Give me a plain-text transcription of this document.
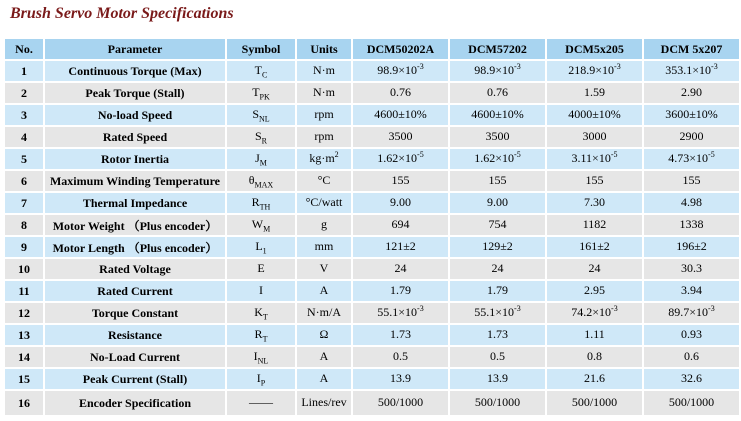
Brush Servo Motor Specifications
No.	Parameter	Symbol	Units	DCM50202A	DCM57202	DCM5x205	DCM 5x207
1	Continuous Torque (Max)	$T_C$	N·m	$98.9\times 10^{-3}$	$98.9\times 10^{-3}$	$218.9\times 10^{-3}$	$353.1\times 10^{-3}$
2	Peak Torque (Stall)	$T_{PK}$	N·m	0.76	0.76	1.59	2.90
3	No-load Speed	$S_{NL}$	rpm	4600±10%	4600±10%	4000±10%	3600±10%
4	Rated Speed	$S_R$	rpm	3500	3500	3000	2900
5	Rotor Inertia	$J_M$	$kg\cdot m^2$	$1.62\times 10^{-5}$	$1.62\times 10^{-5}$	$3.11\times 10^{-5}$	$4.73\times 10^{-5}$
6	Maximum Winding Temperature	$\theta_{MAX}$	°C	155	155	155	155
7	Thermal Impedance	$R_{TH}$	°C/watt	9.00	9.00	7.30	4.98
8	Motor Weight （Plus encoder）	$W_M$	g	694	754	1182	1338
9	Motor Length （Plus encoder）	$L_1$	mm	121±2	129±2	161±2	196±2
10	Rated Voltage	E	V	24	24	24	30.3
11	Rated Current	I	A	1.79	1.79	2.95	3.94
12	Torque Constant	$K_T$	N·m/A	$55.1\times 10^{-3}$	$55.1\times 10^{-3}$	$74.2\times 10^{-3}$	$89.7\times 10^{-3}$
13	Resistance	$R_T$	Ω	1.73	1.73	1.11	0.93
14	No-Load Current	$I_{NL}$	A	0.5	0.5	0.8	0.6
15	Peak Current (Stall)	$I_P$	A	13.9	13.9	21.6	32.6
16	Encoder Specification	——	Lines/rev	500/1000	500/1000	500/1000	500/1000
